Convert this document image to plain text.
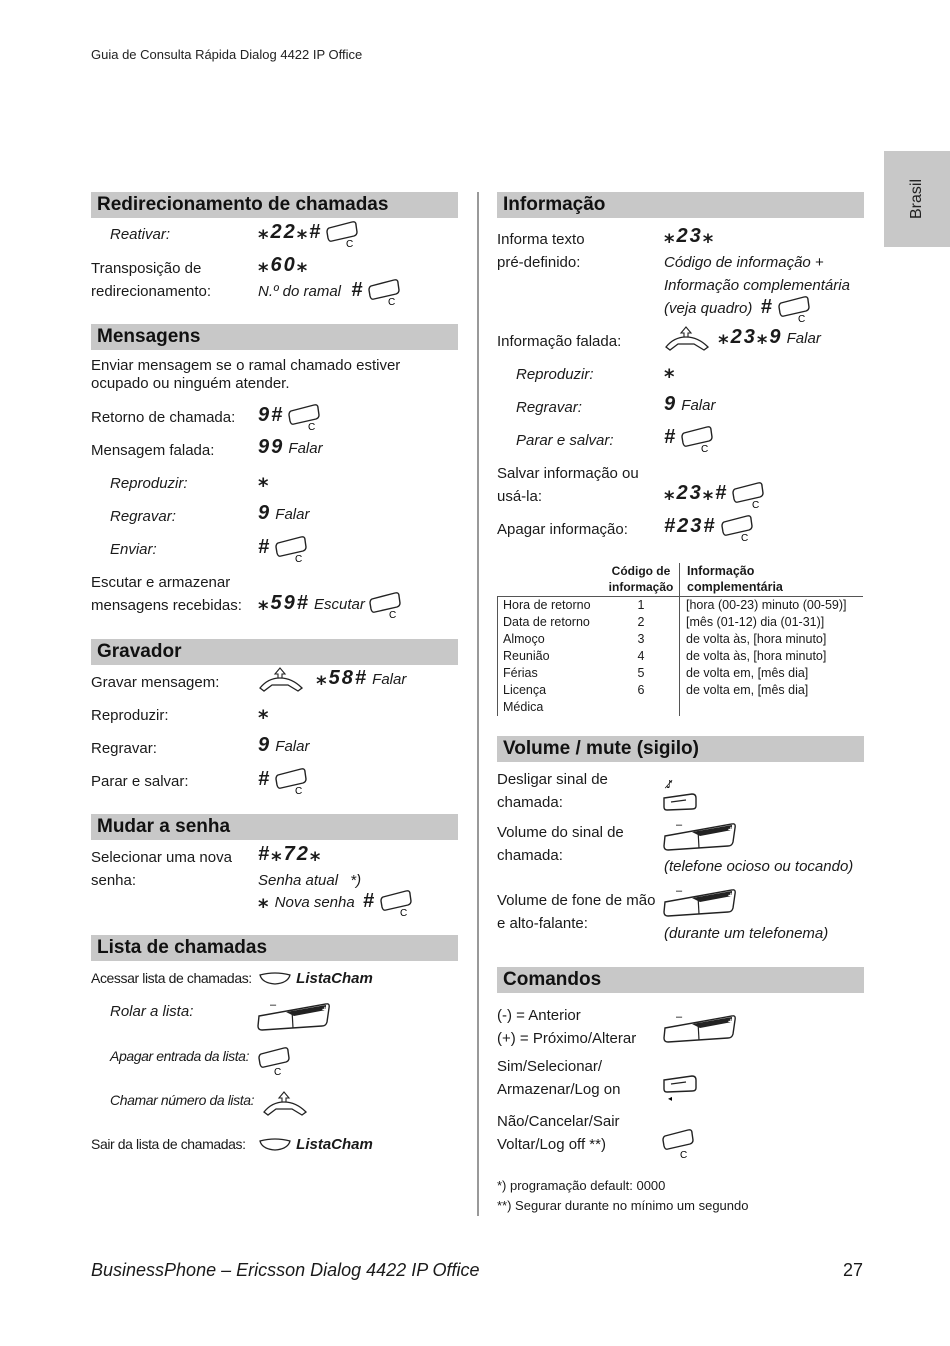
Guia de Consulta Rápida Dialog 4422 IP Office
Brasil
Redirecionamento de chamadas
Reativar:	⁎22⁎#
C
Transposição de
redirecionamento:
⁎60⁎
N.º do ramal #
C
Mensagens
Enviar mensagem se o ramal chamado estiver
ocupado ou ninguém atender.
Retorno de chamada: 9#
C
Mensagem falada: 99 Falar
Reproduzir:	⁎
Regravar:	9 Falar
Enviar:	#
C
Escutar e armazenar
mensagens recebidas: ⁎59# Escutar
C
Gravador
Gravar mensagem:	⁎58# Falar
Reproduzir:	⁎
Regravar:	9 Falar
Parar e salvar:	#
C
Mudar a senha
Selecionar uma nova
senha:
#⁎72⁎
Senha atual *)
⁎ Nova senha #
C
Lista de chamadas
Acessar lista de chamadas:	ListaCham
Rolar a lista:	–	+
Apagar entrada da lista:
C
Chamar número da lista:
Sair da lista de chamadas:	ListaCham
Informação
Informa texto
pré-definido:
⁎23⁎
Código de informação +
Informação complementária
(veja quadro) #
C
Informação falada:	⁎23⁎9 Falar
Reproduzir:	⁎
Regravar:	9 Falar
Parar e salvar:	#
C
Salvar informação ou
usá-la:	⁎23⁎#
C
Apagar informação: #23#
C
Código de
informação
Informação
complementária
Hora de retorno	1	[hora (00-23) minuto (00-59)]
Data de retorno	2	[mês (01-12) dia (01-31)]
Almoço	3	de volta às, [hora minuto]
Reunião	4	de volta às, [hora minuto]
Férias	5	de volta em, [mês dia]
Licença	6	de volta em, [mês dia]
Médica
Volume / mute (sigilo)
Desligar sinal de
chamada:
♪̸
Volume do sinal de
chamada:
–	+
(telefone ocioso ou tocando)
Volume de fone de mão
e alto-falante:
–	+
(durante um telefonema)
Comandos
(-) = Anterior
(+) = Próximo/Alterar
–	+
Sim/Selecionar/
Armazenar/Log on
◂
Não/Cancelar/Sair
Voltar/Log off **)
C
*) programação default: 0000
**) Segurar durante no mínimo um segundo
BusinessPhone – Ericsson Dialog 4422 IP Office	27
